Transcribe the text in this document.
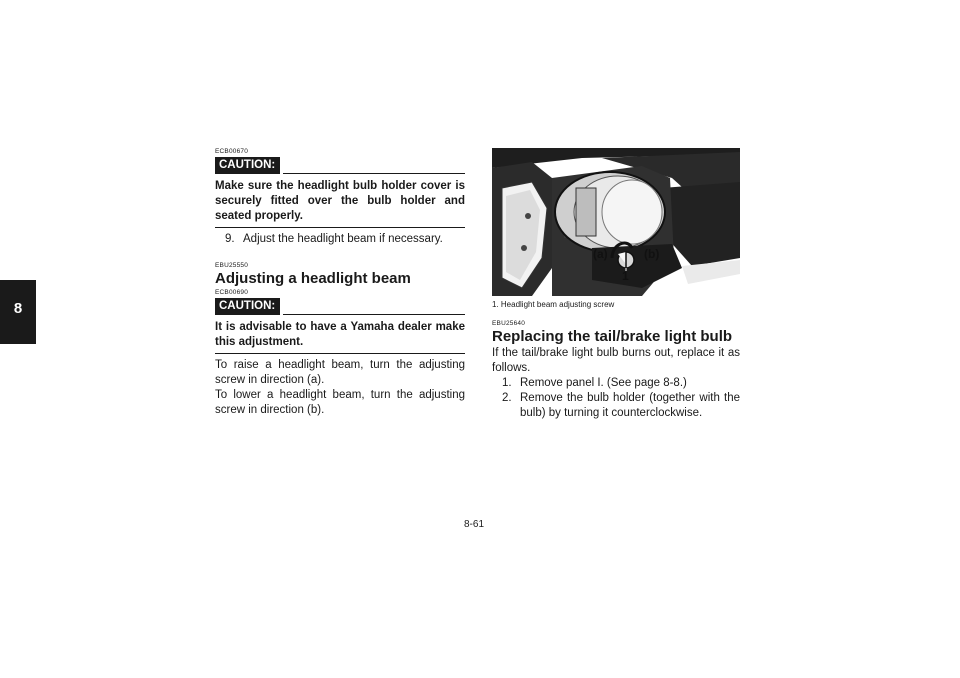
8
ECB00670
CAUTION:
Make sure the headlight bulb holder cover is securely fitted over the bulb holder and seated properly.
9. Adjust the headlight beam if necessary.
EBU25550
Adjusting a headlight beam
ECB00690
CAUTION:
It is advisable to have a Yamaha dealer make this adjustment.
To raise a headlight beam, turn the adjusting screw in direction (a).
To lower a headlight beam, turn the adjusting screw in direction (b).
(a)	(b)
1
1. Headlight beam adjusting screw
EBU25640
Replacing the tail/brake light bulb
If the tail/brake light bulb burns out, replace it as follows.
1. Remove panel I. (See page 8-8.)
2. Remove the bulb holder (together with the bulb) by turning it counterclockwise.
8-61
